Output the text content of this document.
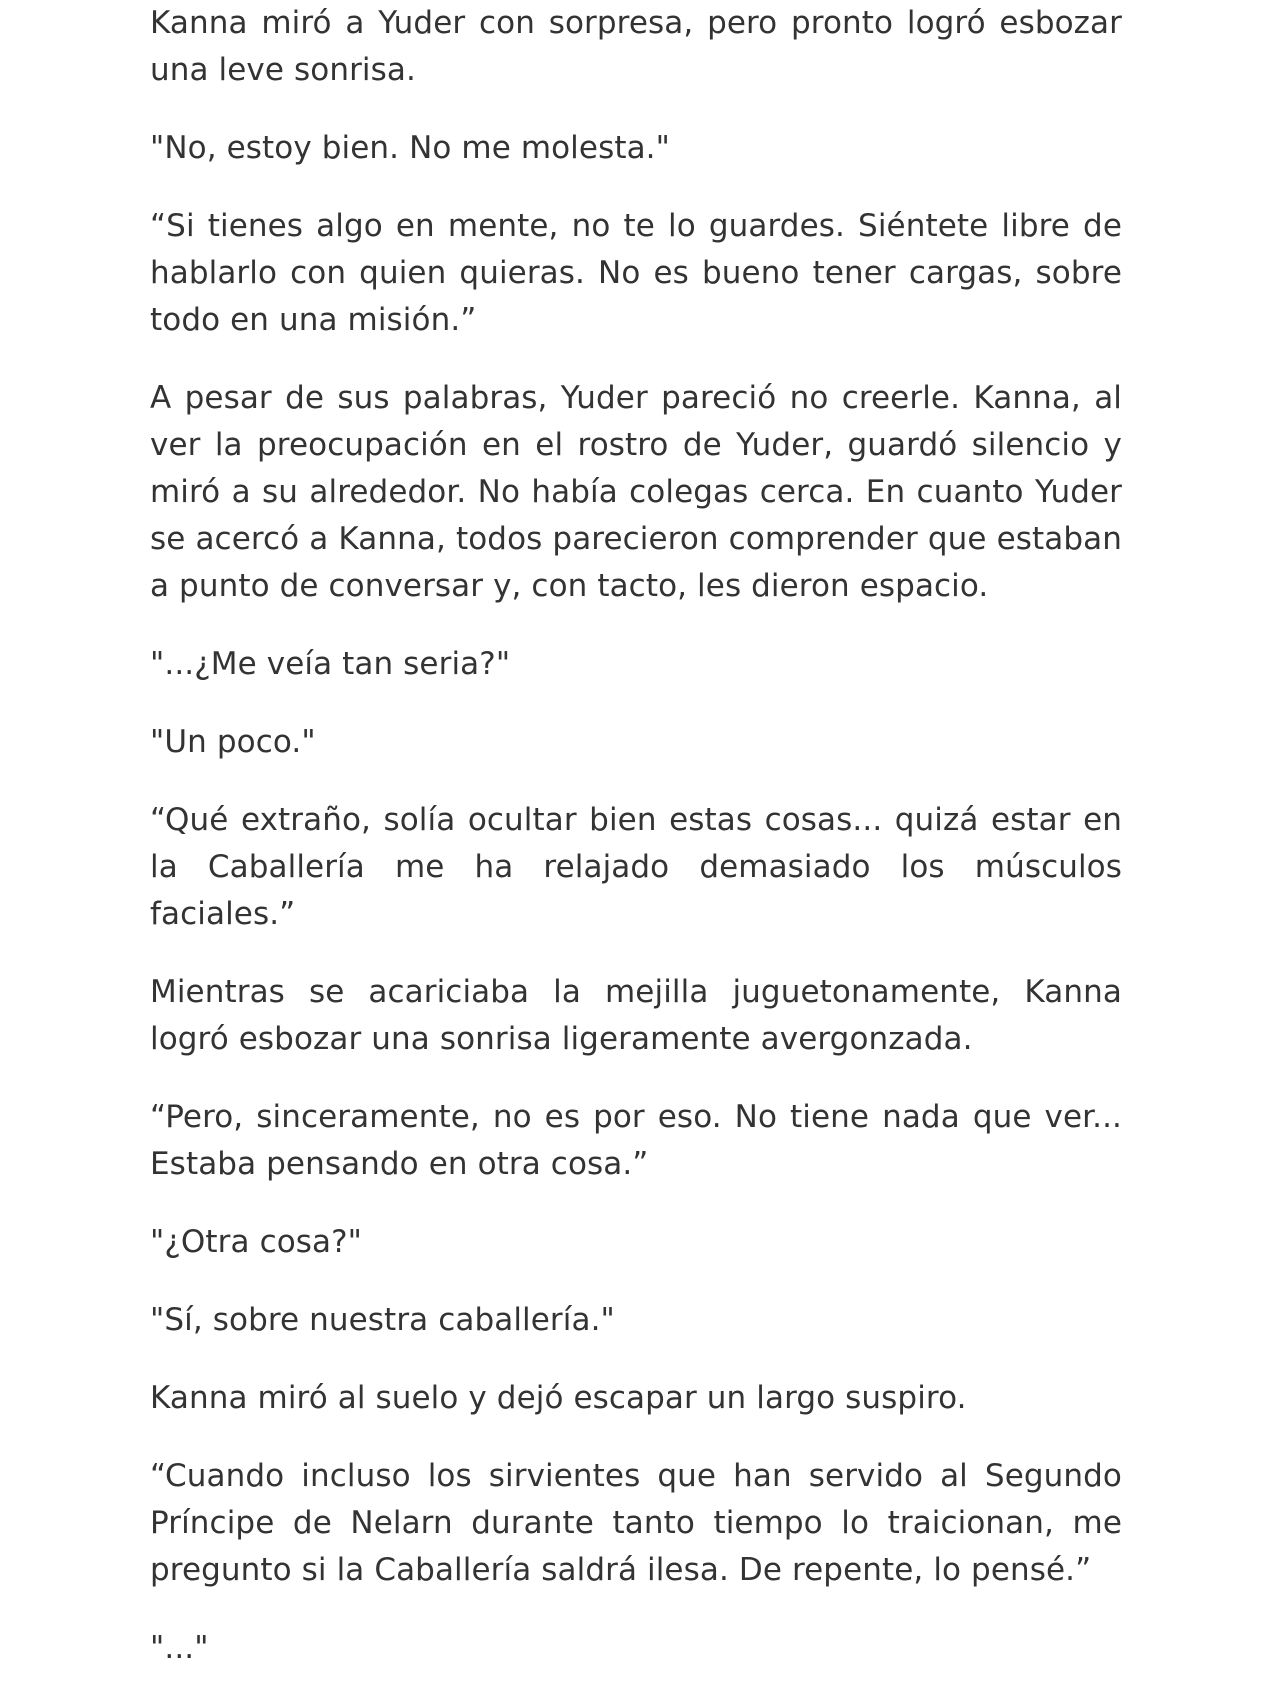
Kanna miró a Yuder con sorpresa, pero pronto logró esbozar una leve sonrisa.

"No, estoy bien. No me molesta."

“Si tienes algo en mente, no te lo guardes. Siéntete libre de hablarlo con quien quieras. No es bueno tener cargas, sobre todo en una misión.”

A pesar de sus palabras, Yuder pareció no creerle. Kanna, al ver la preocupación en el rostro de Yuder, guardó silencio y miró a su alrededor. No había colegas cerca. En cuanto Yuder se acercó a Kanna, todos parecieron comprender que estaban a punto de conversar y, con tacto, les dieron espacio.

"...¿Me veía tan seria?"

"Un poco."

“Qué extraño, solía ocultar bien estas cosas... quizá estar en la Caballería me ha relajado demasiado los músculos faciales.”

Mientras se acariciaba la mejilla juguetonamente, Kanna logró esbozar una sonrisa ligeramente avergonzada.

“Pero, sinceramente, no es por eso. No tiene nada que ver... Estaba pensando en otra cosa.”

"¿Otra cosa?"

"Sí, sobre nuestra caballería."

Kanna miró al suelo y dejó escapar un largo suspiro.

“Cuando incluso los sirvientes que han servido al Segundo Príncipe de Nelarn durante tanto tiempo lo traicionan, me pregunto si la Caballería saldrá ilesa. De repente, lo pensé.”

"..."
